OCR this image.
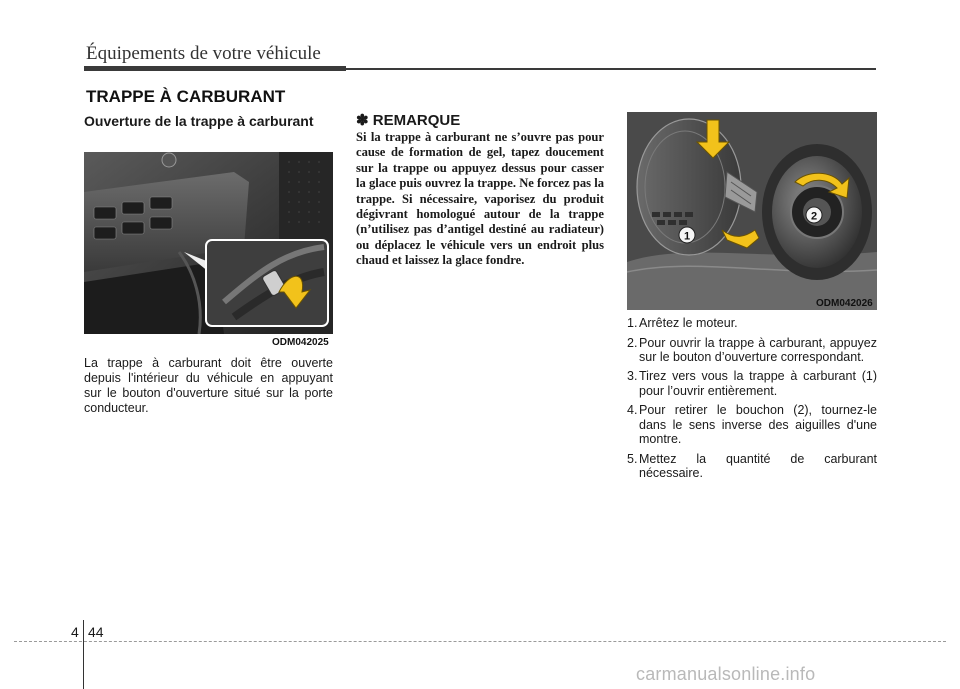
Équipements de votre véhicule
TRAPPE À CARBURANT
Ouverture de la trappe à carburant
ODM042025
La trappe à carburant doit être ouverte depuis l'intérieur du véhicule en appuyant sur le bouton d'ouverture situé sur la porte conducteur.
✽ REMARQUE
Si la trappe à carburant ne s’ouvre pas pour cause de formation de gel, tapez doucement sur la trappe ou appuyez dessus pour casser la glace puis ouvrez la trappe. Ne forcez pas la trappe. Si nécessaire, vaporisez du produit dégivrant homologué autour de la trappe (n’utilisez pas d’antigel destiné au radiateur) ou déplacez le véhicule vers un endroit plus chaud et laissez la glace fondre.
1
2
ODM042026
1. Arrêtez le moteur.
2. Pour ouvrir la trappe à carburant, appuyez sur le bouton d’ouverture correspondant.
3. Tirez vers vous la trappe à carburant (1) pour l’ouvrir entièrement.
4. Pour retirer le bouchon (2), tournez-le dans le sens inverse des aiguilles d'une montre.
5. Mettez la quantité de carburant nécessaire.
4 44
carmanualsonline.info
